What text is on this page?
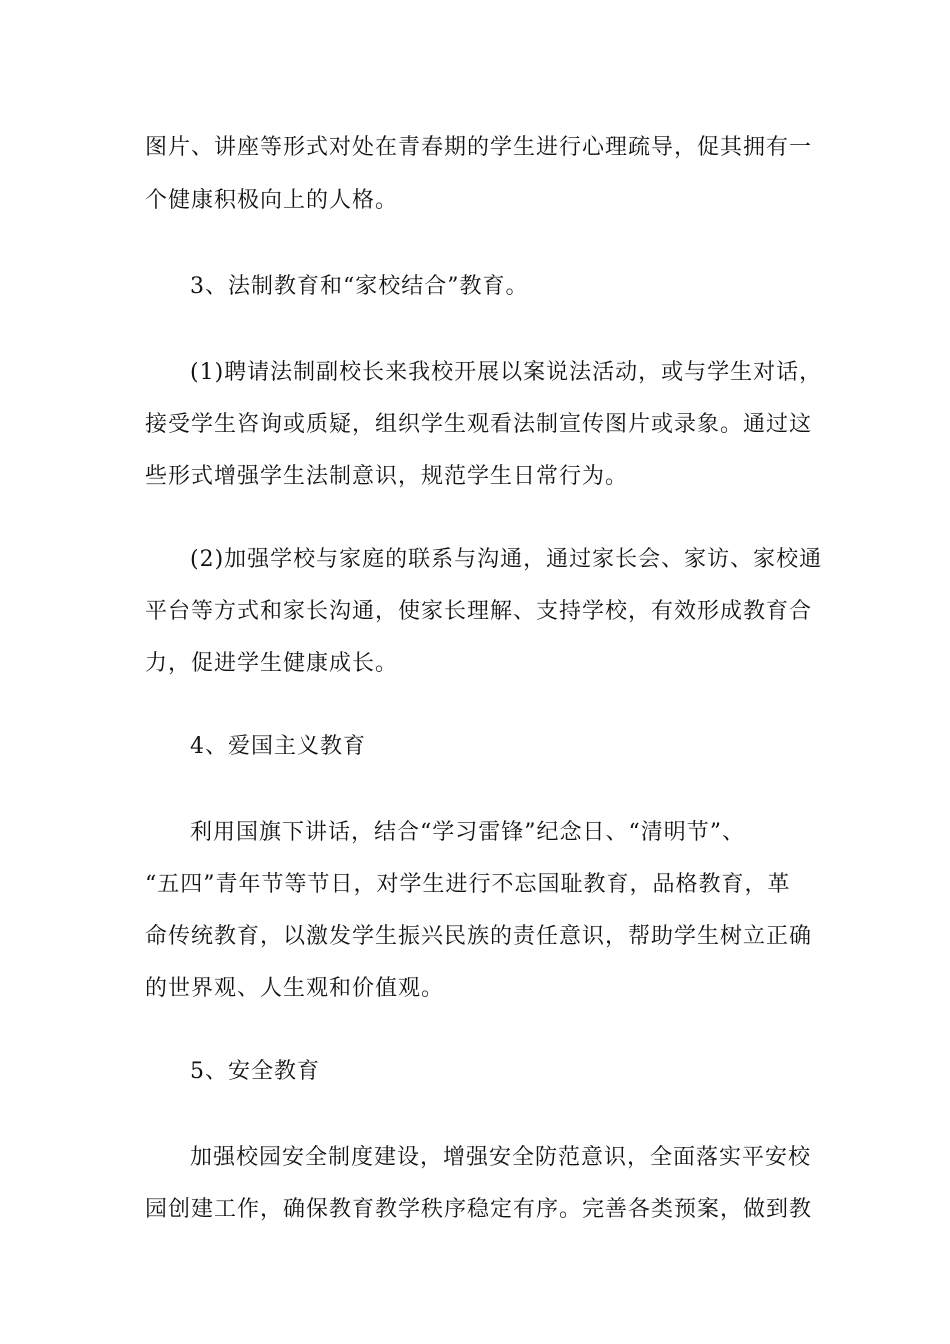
图片、讲座等形式对处在青春期的学生进行心理疏导，促其拥有一
个健康积极向上的人格。
3、法制教育和“家校结合”教育。
(1)聘请法制副校长来我校开展以案说法活动，或与学生对话，
接受学生咨询或质疑，组织学生观看法制宣传图片或录象。通过这
些形式增强学生法制意识，规范学生日常行为。
(2)加强学校与家庭的联系与沟通，通过家长会、家访、家校通
平台等方式和家长沟通，使家长理解、支持学校，有效形成教育合
力，促进学生健康成长。
4、爱国主义教育
利用国旗下讲话，结合“学习雷锋”纪念日、“清明节”、
“五四”青年节等节日，对学生进行不忘国耻教育，品格教育，革
命传统教育，以激发学生振兴民族的责任意识，帮助学生树立正确
的世界观、人生观和价值观。
5、安全教育
加强校园安全制度建设，增强安全防范意识，全面落实平安校
园创建工作，确保教育教学秩序稳定有序。完善各类预案，做到教
